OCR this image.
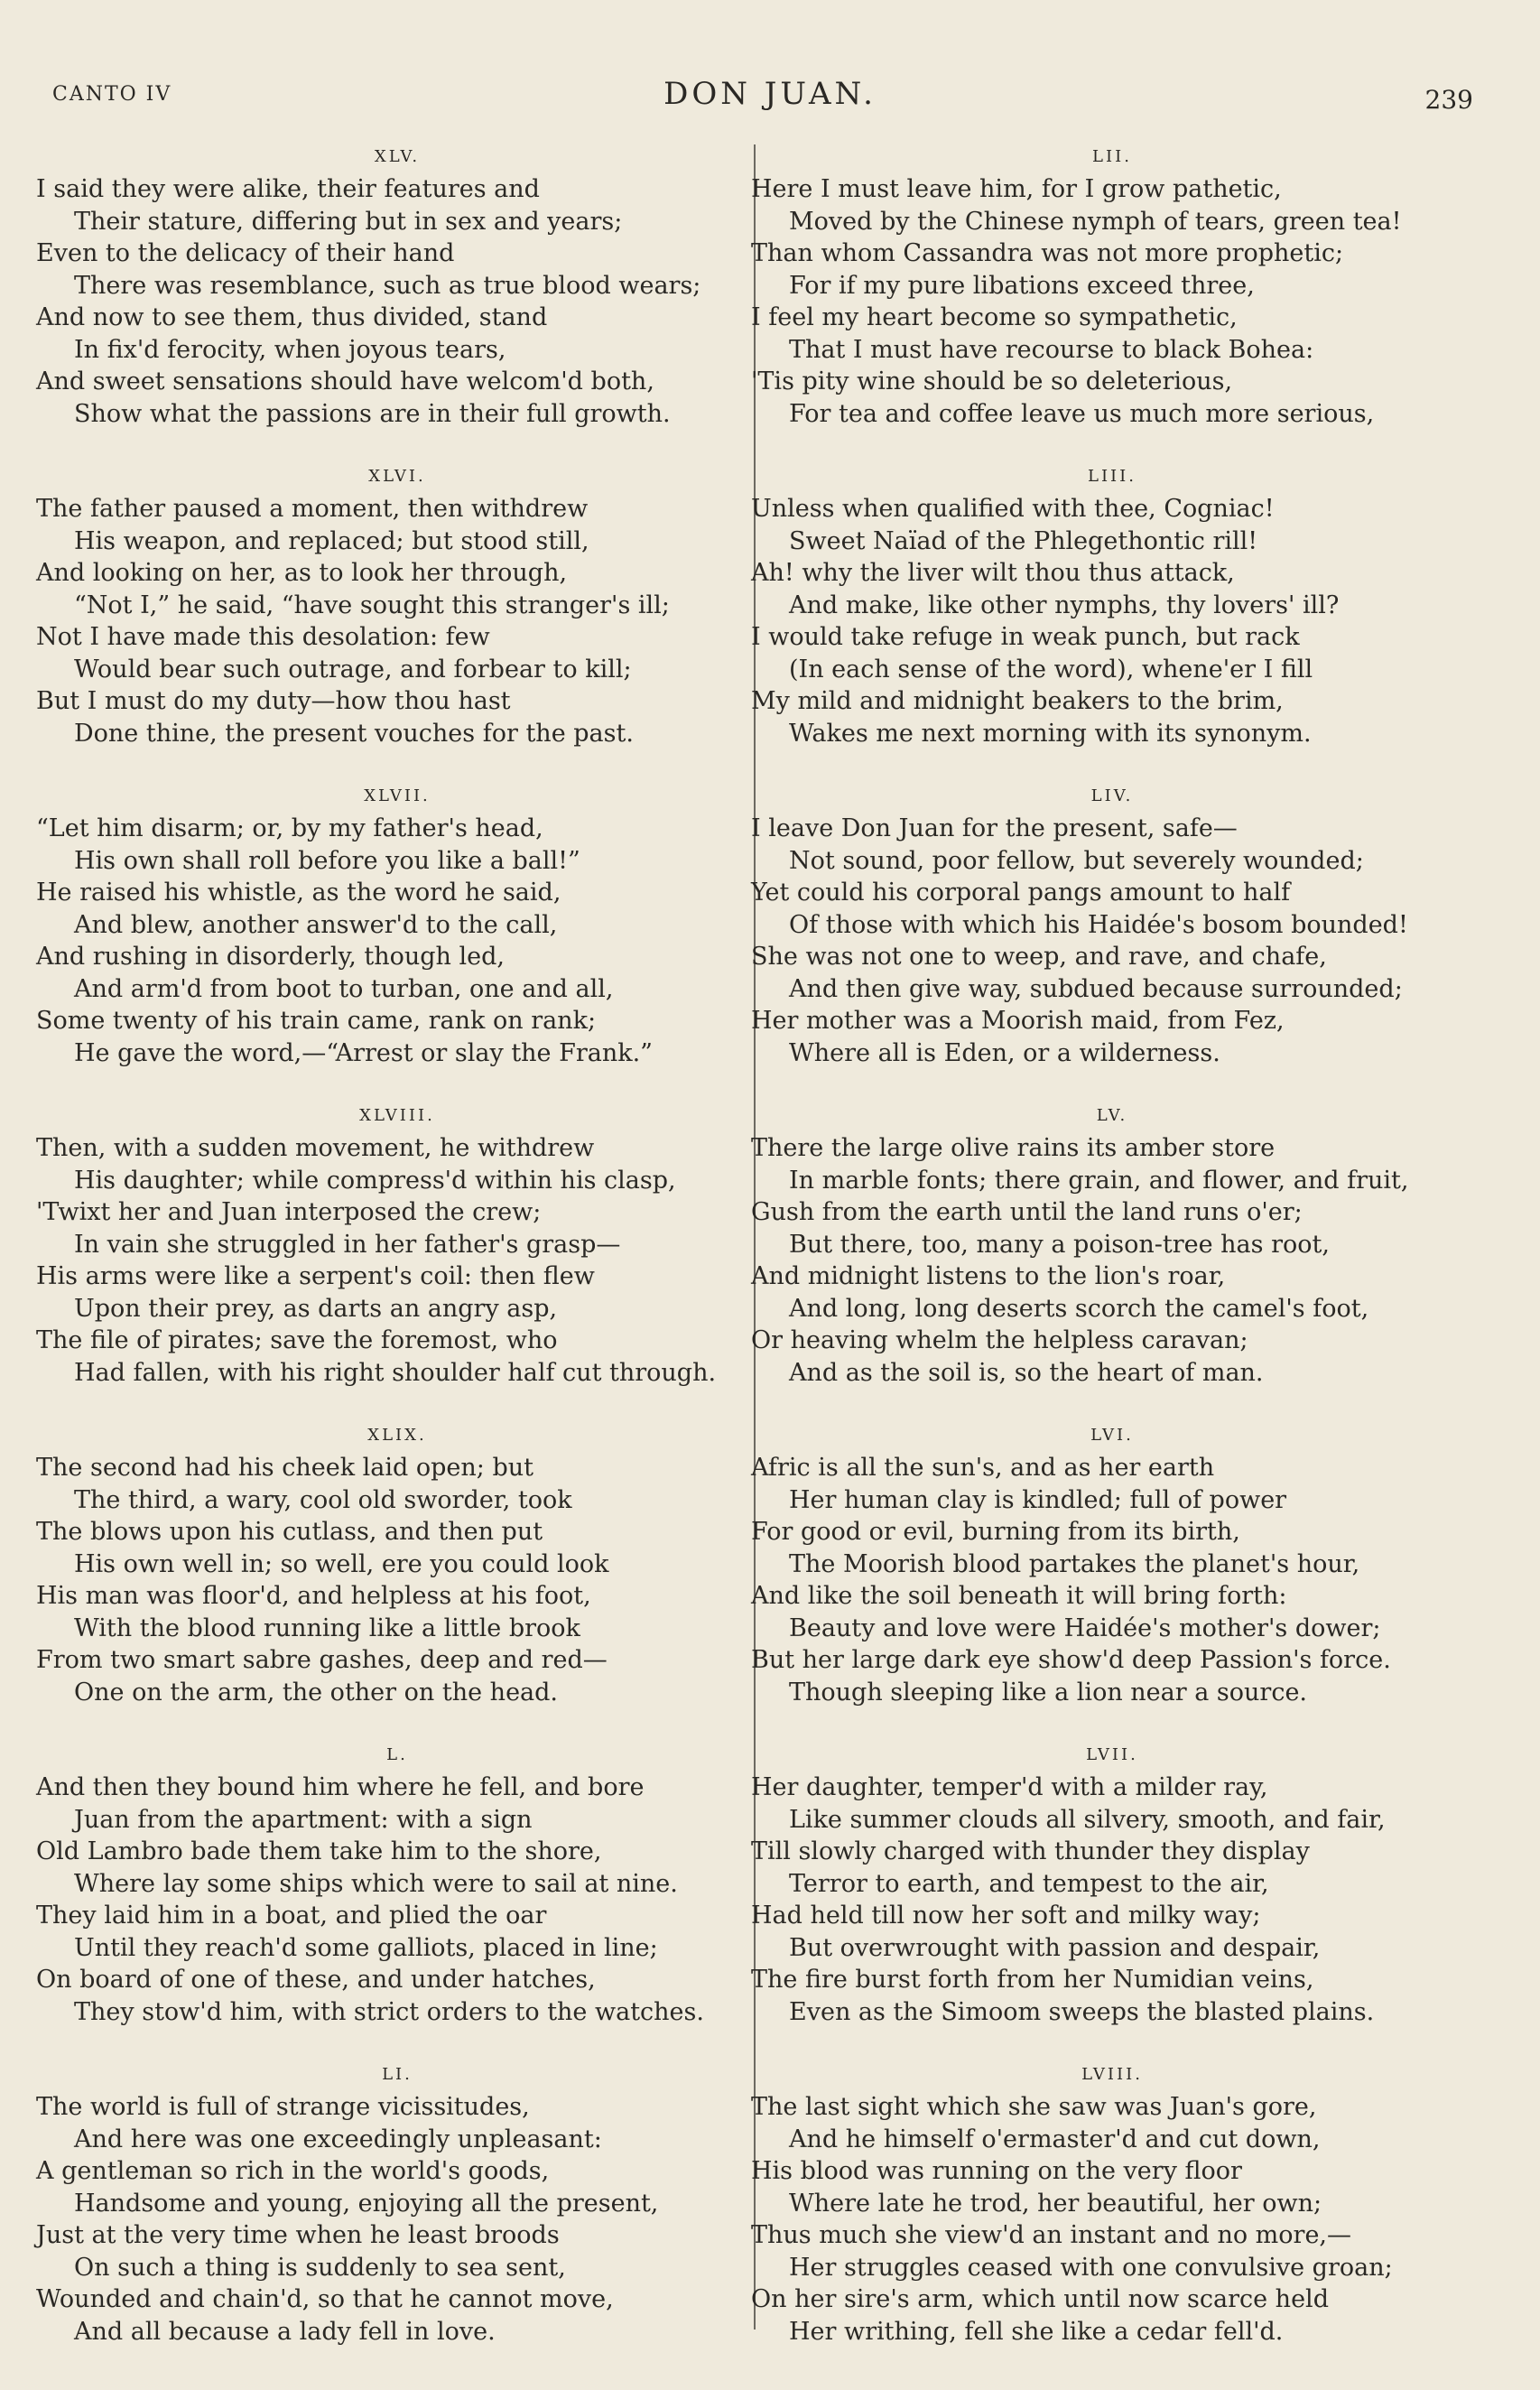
CANTO IV	DON JUAN.	239
XLV.
I said they were alike, their features and
Their stature, differing but in sex and years;
Even to the delicacy of their hand
There was resemblance, such as true blood wears;
And now to see them, thus divided, stand
In fix'd ferocity, when joyous tears,
And sweet sensations should have welcom'd both,
Show what the passions are in their full growth.
XLVI.
The father paused a moment, then withdrew
His weapon, and replaced; but stood still,
And looking on her, as to look her through,
“Not I,” he said, “have sought this stranger's ill;
Not I have made this desolation: few
Would bear such outrage, and forbear to kill;
But I must do my duty—how thou hast
Done thine, the present vouches for the past.
XLVII.
“Let him disarm; or, by my father's head,
His own shall roll before you like a ball!”
He raised his whistle, as the word he said,
And blew, another answer'd to the call,
And rushing in disorderly, though led,
And arm'd from boot to turban, one and all,
Some twenty of his train came, rank on rank;
He gave the word,—“Arrest or slay the Frank.”
XLVIII.
Then, with a sudden movement, he withdrew
His daughter; while compress'd within his clasp,
'Twixt her and Juan interposed the crew;
In vain she struggled in her father's grasp—
His arms were like a serpent's coil: then flew
Upon their prey, as darts an angry asp,
The file of pirates; save the foremost, who
Had fallen, with his right shoulder half cut through.
XLIX.
The second had his cheek laid open; but
The third, a wary, cool old sworder, took
The blows upon his cutlass, and then put
His own well in; so well, ere you could look
His man was floor'd, and helpless at his foot,
With the blood running like a little brook
From two smart sabre gashes, deep and red—
One on the arm, the other on the head.
L.
And then they bound him where he fell, and bore
Juan from the apartment: with a sign
Old Lambro bade them take him to the shore,
Where lay some ships which were to sail at nine.
They laid him in a boat, and plied the oar
Until they reach'd some galliots, placed in line;
On board of one of these, and under hatches,
They stow'd him, with strict orders to the watches.
LI.
The world is full of strange vicissitudes,
And here was one exceedingly unpleasant:
A gentleman so rich in the world's goods,
Handsome and young, enjoying all the present,
Just at the very time when he least broods
On such a thing is suddenly to sea sent,
Wounded and chain'd, so that he cannot move,
And all because a lady fell in love.
LII.
Here I must leave him, for I grow pathetic,
Moved by the Chinese nymph of tears, green tea!
Than whom Cassandra was not more prophetic;
For if my pure libations exceed three,
I feel my heart become so sympathetic,
That I must have recourse to black Bohea:
'Tis pity wine should be so deleterious,
For tea and coffee leave us much more serious,
LIII.
Unless when qualified with thee, Cogniac!
Sweet Naïad of the Phlegethontic rill!
Ah! why the liver wilt thou thus attack,
And make, like other nymphs, thy lovers' ill?
I would take refuge in weak punch, but rack
(In each sense of the word), whene'er I fill
My mild and midnight beakers to the brim,
Wakes me next morning with its synonym.
LIV.
I leave Don Juan for the present, safe—
Not sound, poor fellow, but severely wounded;
Yet could his corporal pangs amount to half
Of those with which his Haidée's bosom bounded!
She was not one to weep, and rave, and chafe,
And then give way, subdued because surrounded;
Her mother was a Moorish maid, from Fez,
Where all is Eden, or a wilderness.
LV.
There the large olive rains its amber store
In marble fonts; there grain, and flower, and fruit,
Gush from the earth until the land runs o'er;
But there, too, many a poison-tree has root,
And midnight listens to the lion's roar,
And long, long deserts scorch the camel's foot,
Or heaving whelm the helpless caravan;
And as the soil is, so the heart of man.
LVI.
Afric is all the sun's, and as her earth
Her human clay is kindled; full of power
For good or evil, burning from its birth,
The Moorish blood partakes the planet's hour,
And like the soil beneath it will bring forth:
Beauty and love were Haidée's mother's dower;
But her large dark eye show'd deep Passion's force.
Though sleeping like a lion near a source.
LVII.
Her daughter, temper'd with a milder ray,
Like summer clouds all silvery, smooth, and fair,
Till slowly charged with thunder they display
Terror to earth, and tempest to the air,
Had held till now her soft and milky way;
But overwrought with passion and despair,
The fire burst forth from her Numidian veins,
Even as the Simoom sweeps the blasted plains.
LVIII.
The last sight which she saw was Juan's gore,
And he himself o'ermaster'd and cut down,
His blood was running on the very floor
Where late he trod, her beautiful, her own;
Thus much she view'd an instant and no more,—
Her struggles ceased with one convulsive groan;
On her sire's arm, which until now scarce held
Her writhing, fell she like a cedar fell'd.
